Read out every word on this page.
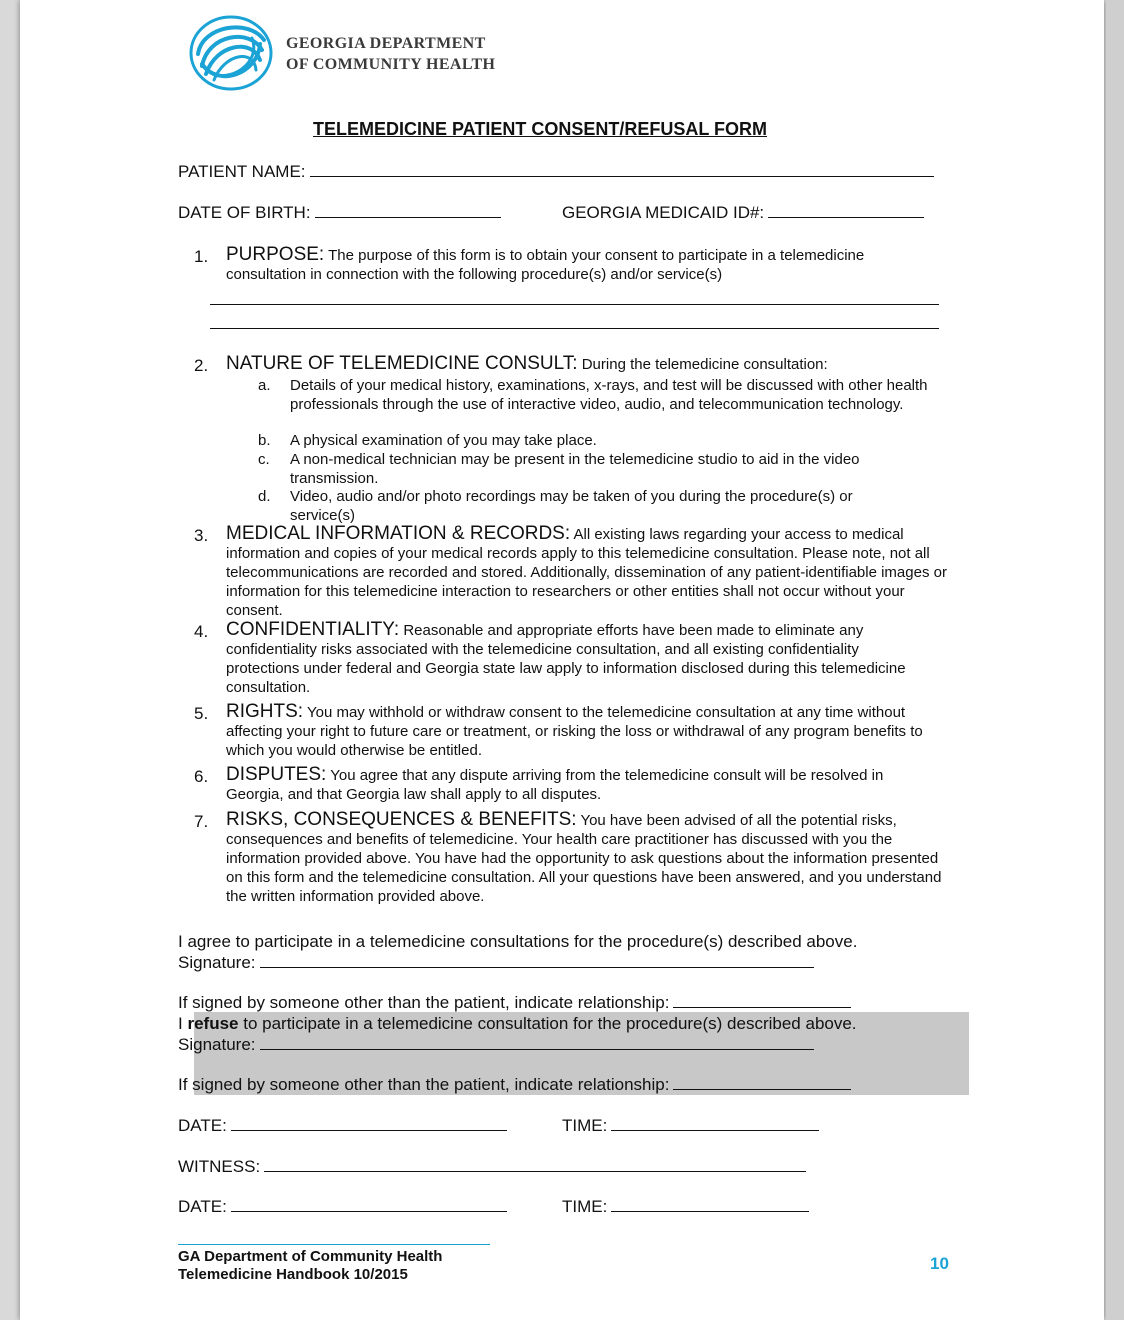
GEORGIA DEPARTMENT
OF COMMUNITY HEALTH
TELEMEDICINE PATIENT CONSENT/REFUSAL FORM
PATIENT NAME:
DATE OF BIRTH:	GEORGIA MEDICAID ID#:
1. PURPOSE: The purpose of this form is to obtain your consent to participate in a telemedicine consultation in connection with the following procedure(s) and/or service(s)
2. NATURE OF TELEMEDICINE CONSULT: During the telemedicine consultation:
a. Details of your medical history, examinations, x-rays, and test will be discussed with other health professionals through the use of interactive video, audio, and telecommunication technology.
b. A physical examination of you may take place.
c. A non-medical technician may be present in the telemedicine studio to aid in the video transmission.
d. Video, audio and/or photo recordings may be taken of you during the procedure(s) or service(s)
3. MEDICAL INFORMATION & RECORDS: All existing laws regarding your access to medical information and copies of your medical records apply to this telemedicine consultation. Please note, not all telecommunications are recorded and stored. Additionally, dissemination of any patient-identifiable images or information for this telemedicine interaction to researchers or other entities shall not occur without your consent.
4. CONFIDENTIALITY: Reasonable and appropriate efforts have been made to eliminate any confidentiality risks associated with the telemedicine consultation, and all existing confidentiality protections under federal and Georgia state law apply to information disclosed during this telemedicine consultation.
5. RIGHTS: You may withhold or withdraw consent to the telemedicine consultation at any time without affecting your right to future care or treatment, or risking the loss or withdrawal of any program benefits to which you would otherwise be entitled.
6. DISPUTES: You agree that any dispute arriving from the telemedicine consult will be resolved in Georgia, and that Georgia law shall apply to all disputes.
7. RISKS, CONSEQUENCES & BENEFITS: You have been advised of all the potential risks, consequences and benefits of telemedicine. Your health care practitioner has discussed with you the information provided above. You have had the opportunity to ask questions about the information presented on this form and the telemedicine consultation. All your questions have been answered, and you understand the written information provided above.
I agree to participate in a telemedicine consultations for the procedure(s) described above.
Signature:
If signed by someone other than the patient, indicate relationship:
I refuse to participate in a telemedicine consultation for the procedure(s) described above.
Signature:
If signed by someone other than the patient, indicate relationship:
DATE:	TIME:
WITNESS:
DATE:	TIME:
GA Department of Community Health
Telemedicine Handbook 10/2015
10
